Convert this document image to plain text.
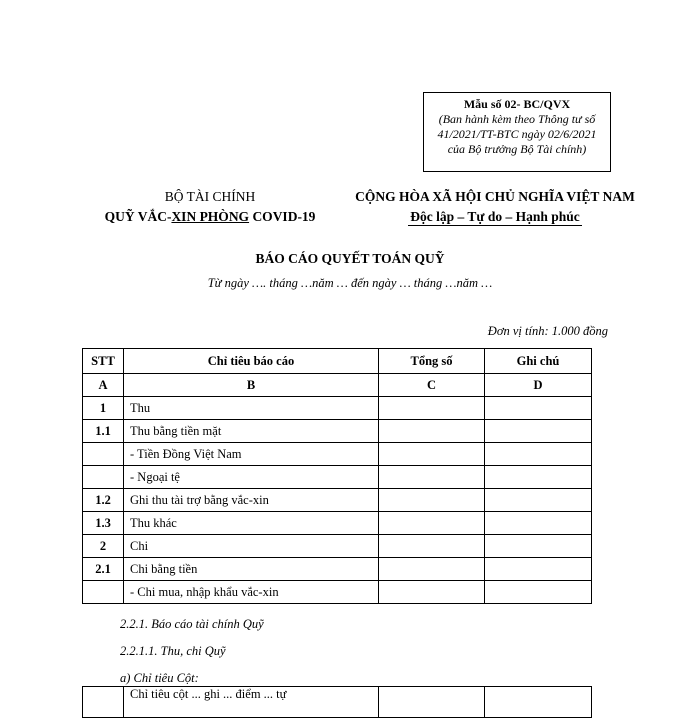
Mẫu số 02- BC/QVX
(Ban hành kèm theo Thông tư số 41/2021/TT-BTC ngày 02/6/2021 của Bộ trưởng Bộ Tài chính)
BỘ TÀI CHÍNH
QUỸ VẮC-XIN PHÒNG COVID-19
CỘNG HÒA XÃ HỘI CHỦ NGHĨA VIỆT NAM
Độc lập – Tự do – Hạnh phúc
BÁO CÁO QUYẾT TOÁN QUỸ
Từ ngày …. tháng …năm … đến ngày … tháng …năm …
Đơn vị tính: 1.000 đồng
STT	Chỉ tiêu báo cáo	Tổng số	Ghi chú
A	B	C	D
1	Thu		
1.1	Thu bằng tiền mặt		
	- Tiền Đồng Việt Nam		
	- Ngoại tệ		
1.2	Ghi thu tài trợ bằng vắc-xin		
1.3	Thu khác		
2	Chi		
2.1	Chi bằng tiền		
	- Chi mua, nhập khẩu vắc-xin		
2.2.1. Báo cáo tài chính Quỹ
2.2.1.1. Thu, chi Quỹ
a) Chỉ tiêu Cột:
	Chỉ tiêu cột ... ghi ... điểm ... tự		
